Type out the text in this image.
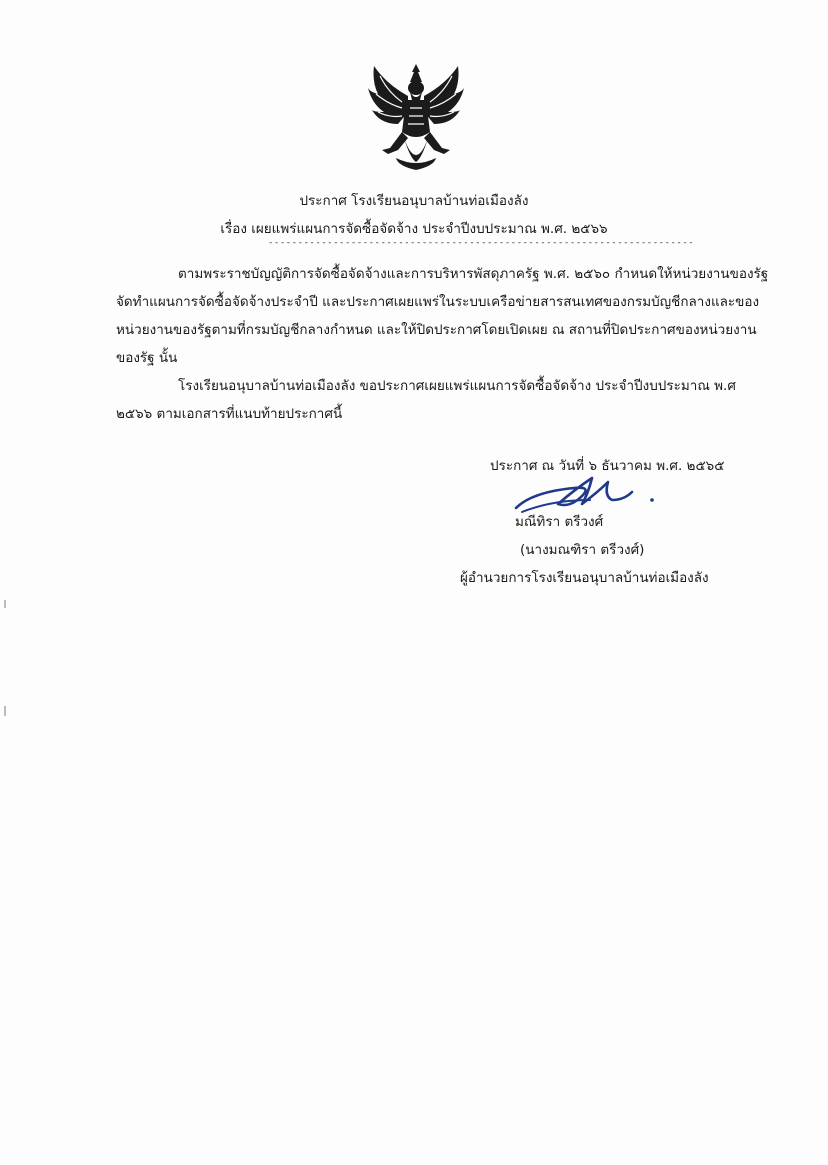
ประกาศ โรงเรียนอนุบาลบ้านท่อเมืองลัง
เรื่อง เผยแพร่แผนการจัดซื้อจัดจ้าง ประจำปีงบประมาณ พ.ศ. ๒๕๖๖
------------------------------------------------------------------------
ตามพระราชบัญญัติการจัดซื้อจัดจ้างและการบริหารพัสดุภาครัฐ พ.ศ. ๒๕๖๐ กำหนดให้หน่วยงานของรัฐ
จัดทำแผนการจัดซื้อจัดจ้างประจำปี และประกาศเผยแพร่ในระบบเครือข่ายสารสนเทศของกรมบัญชีกลางและของ
หน่วยงานของรัฐตามที่กรมบัญชีกลางกำหนด และให้ปิดประกาศโดยเปิดเผย ณ สถานที่ปิดประกาศของหน่วยงาน
ของรัฐ นั้น
โรงเรียนอนุบาลบ้านท่อเมืองลัง ขอประกาศเผยแพร่แผนการจัดซื้อจัดจ้าง ประจำปีงบประมาณ พ.ศ
๒๕๖๖ ตามเอกสารที่แนบท้ายประกาศนี้
ประกาศ ณ วันที่ ๖ ธันวาคม พ.ศ. ๒๕๖๕
มณีทิรา ตรีวงศ์
(นางมณฑิรา ตรีวงศ์)
ผู้อำนวยการโรงเรียนอนุบาลบ้านท่อเมืองลัง
